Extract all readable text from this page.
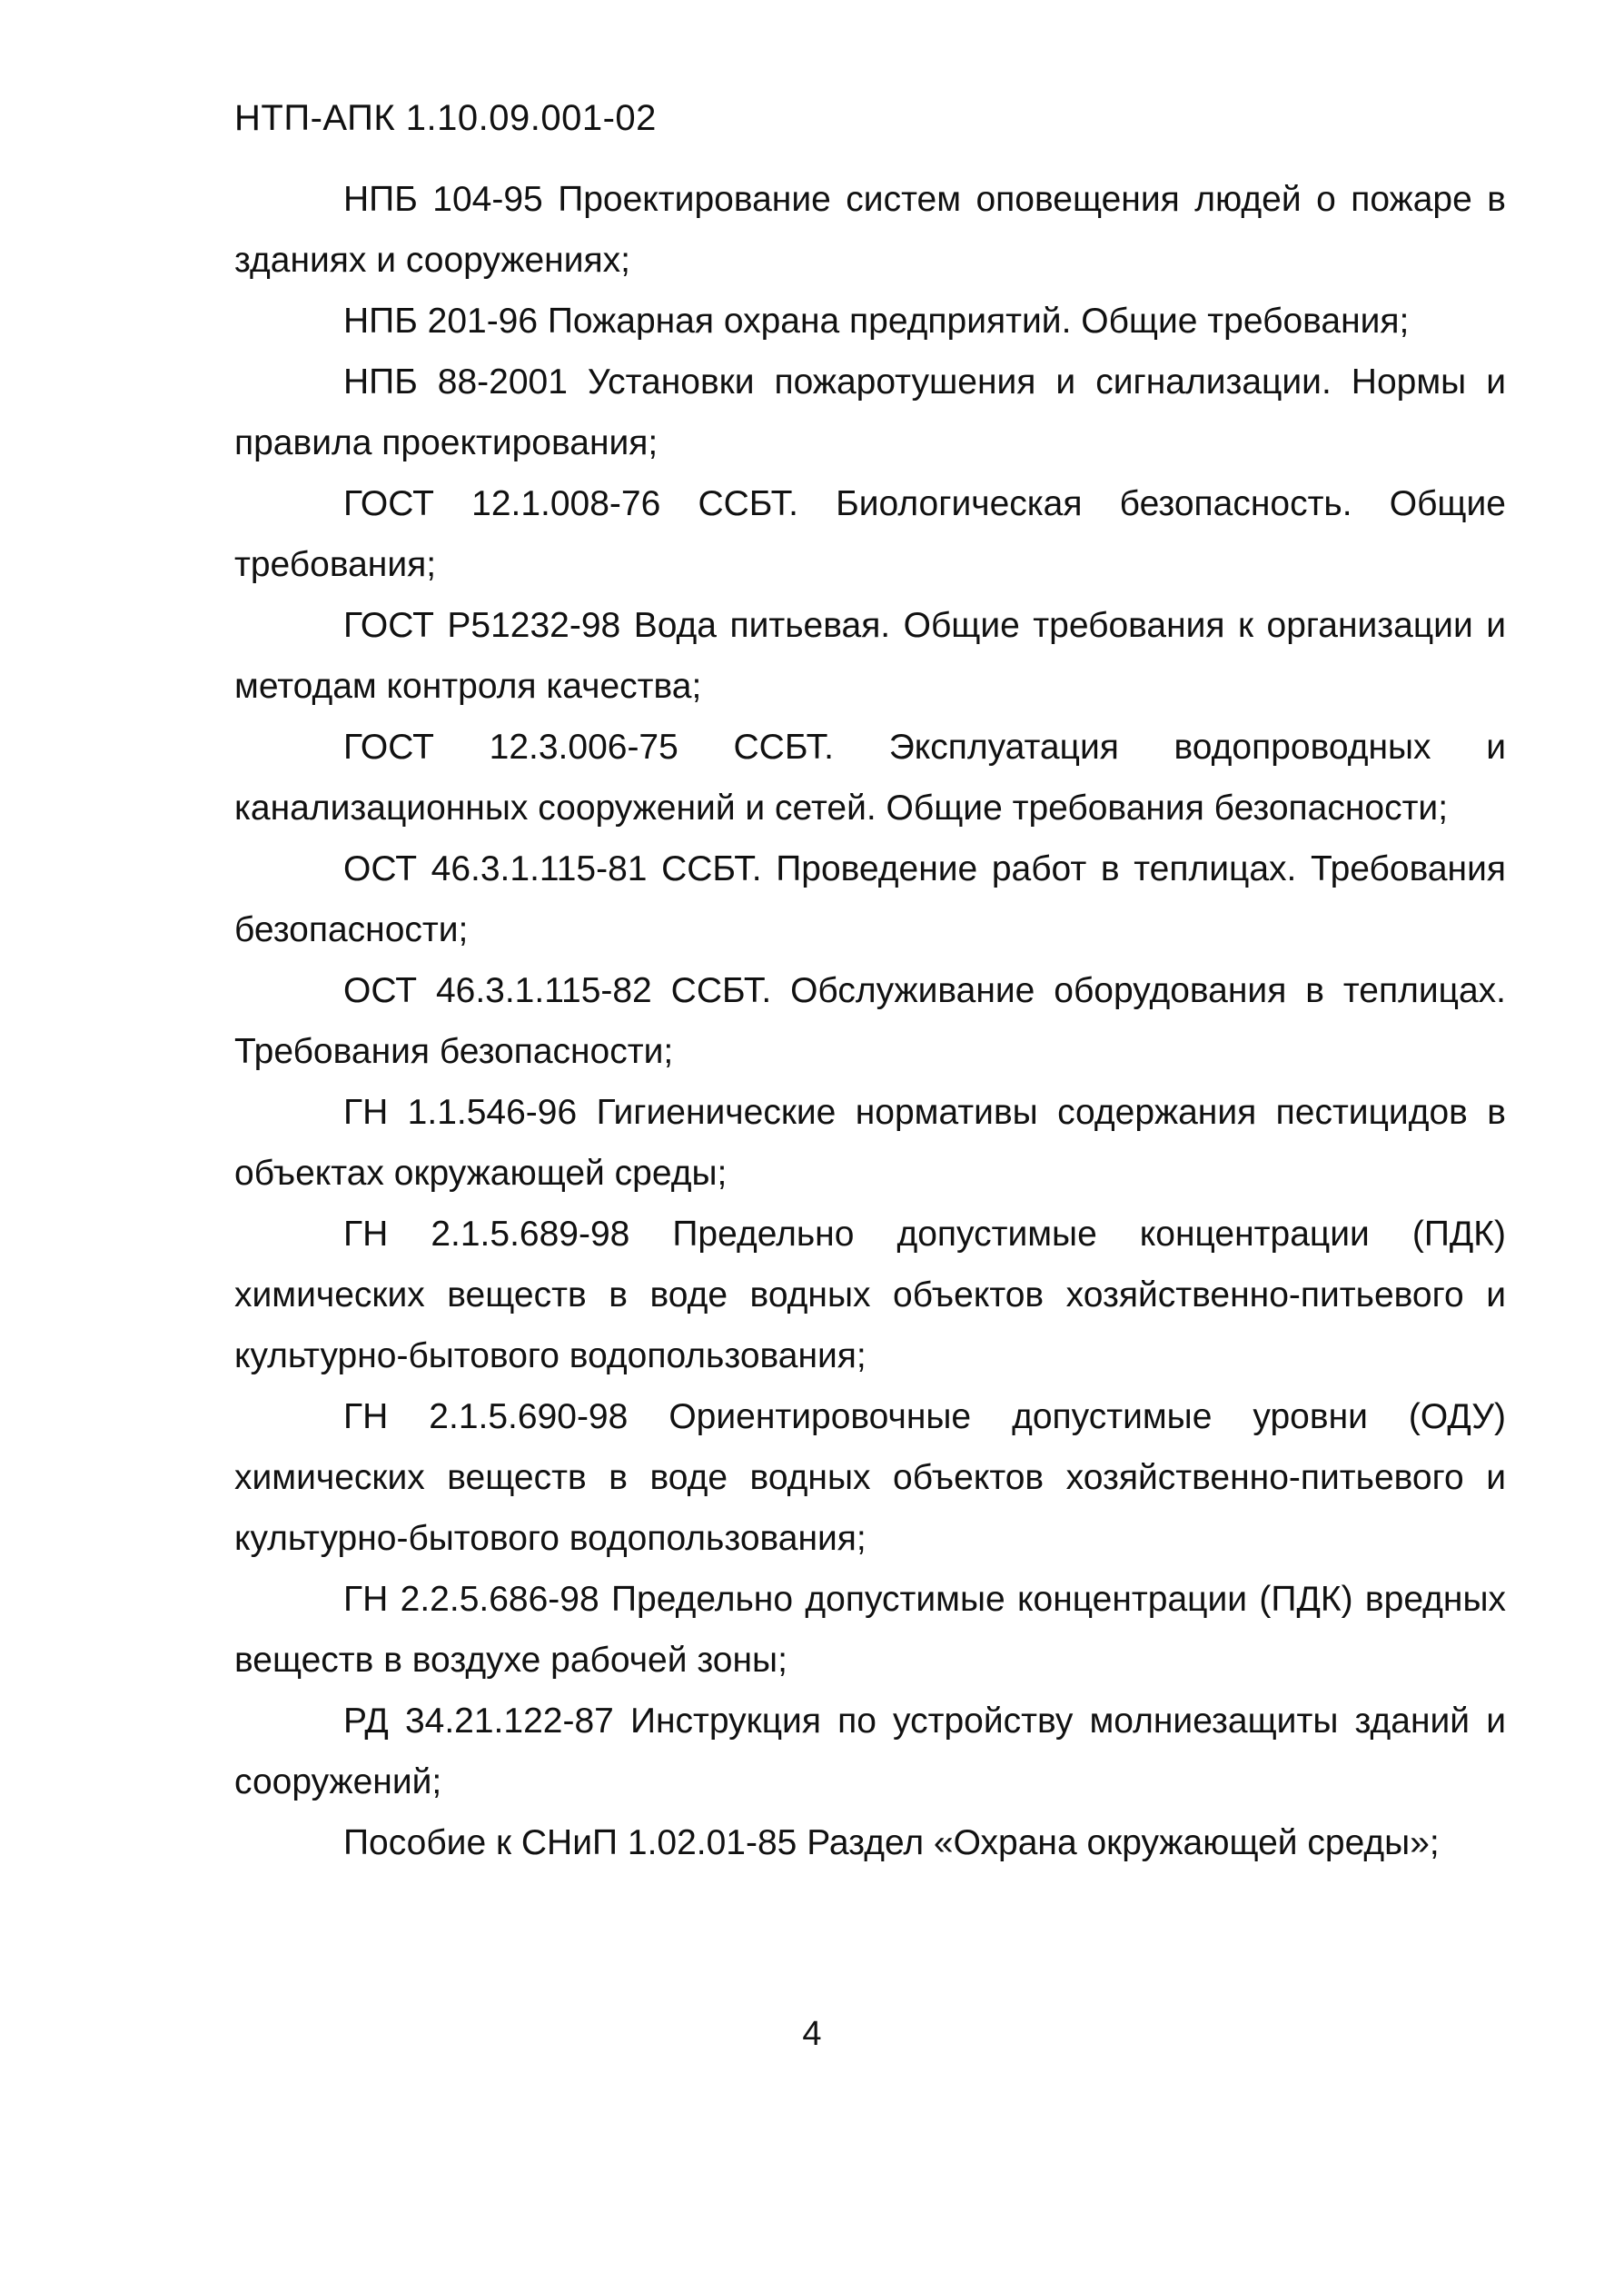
НТП-АПК 1.10.09.001-02
НПБ 104-95 Проектирование систем оповещения людей о пожаре в зданиях и сооружениях;
НПБ 201-96 Пожарная охрана предприятий. Общие требования;
НПБ 88-2001 Установки пожаротушения и сигнализации. Нормы и правила проектирования;
ГОСТ 12.1.008-76 ССБТ. Биологическая безопасность. Общие требования;
ГОСТ Р51232-98 Вода питьевая. Общие требования к организации и методам контроля качества;
ГОСТ 12.3.006-75 ССБТ. Эксплуатация водопроводных и канализационных сооружений и сетей. Общие требования безопасности;
ОСТ 46.3.1.115-81 ССБТ. Проведение работ в теплицах. Требования безопасности;
ОСТ 46.3.1.115-82 ССБТ. Обслуживание оборудования в теплицах. Требования безопасности;
ГН 1.1.546-96 Гигиенические нормативы содержания пестицидов в объектах окружающей среды;
ГН 2.1.5.689-98 Предельно допустимые концентрации (ПДК) химических веществ в воде водных объектов хозяйственно-питьевого и культурно-бытового водопользования;
ГН 2.1.5.690-98 Ориентировочные допустимые уровни (ОДУ) химических веществ в воде водных объектов хозяйственно-питьевого и культурно-бытового водопользования;
ГН 2.2.5.686-98 Предельно допустимые концентрации (ПДК) вредных веществ в воздухе рабочей зоны;
РД 34.21.122-87 Инструкция по устройству молниезащиты зданий и сооружений;
Пособие к СНиП 1.02.01-85 Раздел «Охрана окружающей среды»;
4
